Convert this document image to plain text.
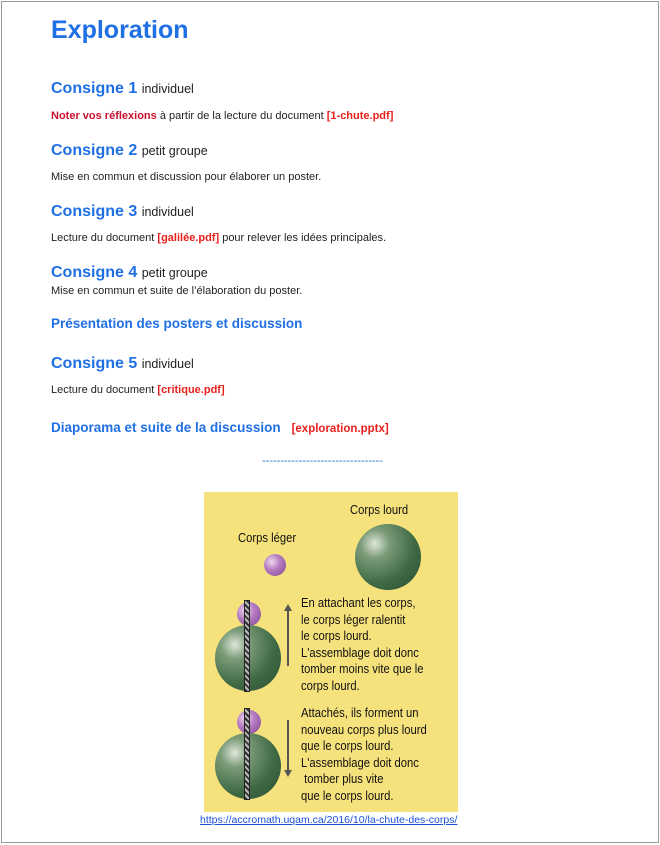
Exploration
Consigne 1 individuel
Noter vos réflexions à partir de la lecture du document [1-chute.pdf]
Consigne 2 petit groupe
Mise en commun et discussion pour élaborer un poster.
Consigne 3 individuel
Lecture du document [galilée.pdf] pour relever les idées principales.
Consigne 4 petit groupe
Mise en commun et suite de l’élaboration du poster.
Présentation des posters et discussion
Consigne 5 individuel
Lecture du document [critique.pdf]
Diaporama et suite de la discussion [exploration.pptx]
---------------------------------
Corps léger
Corps lourd
En attachant les corps,
le corps léger ralentit
le corps lourd.
L'assemblage doit donc
tomber moins vite que le
corps lourd.
Attachés, ils forment un
nouveau corps plus lourd
que le corps lourd.
L'assemblage doit donc
tomber plus vite
que le corps lourd.
https://accromath.uqam.ca/2016/10/la-chute-des-corps/
